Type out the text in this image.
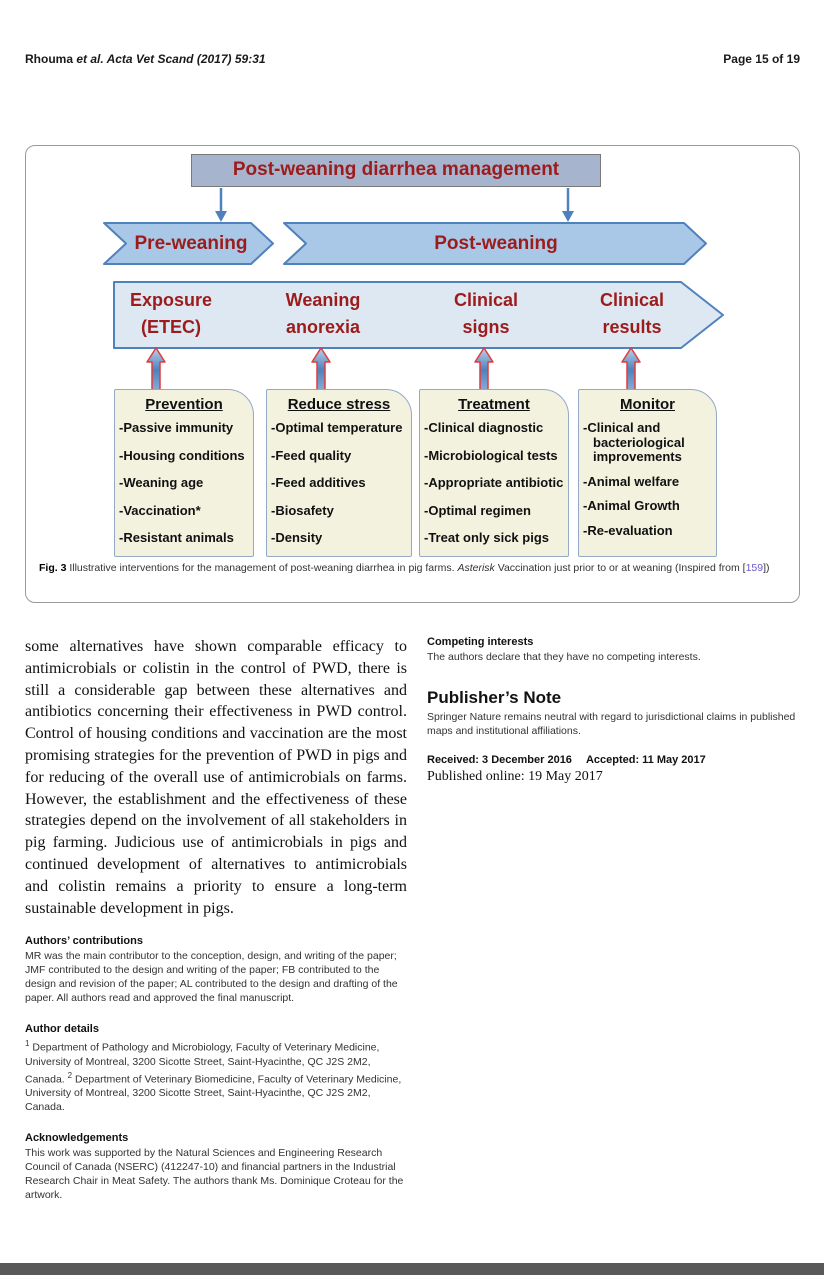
Rhouma et al. Acta Vet Scand (2017) 59:31	Page 15 of 19
Post-weaning diarrhea management
Pre-weaning	Post-weaning
Exposure
(ETEC)
Weaning
anorexia
Clinical
signs
Clinical
results
Prevention
-Passive immunity
-Housing conditions
-Weaning age
-Vaccination*
-Resistant animals
Reduce stress
-Optimal temperature
-Feed quality
-Feed additives
-Biosafety
-Density
Treatment
-Clinical diagnostic
-Microbiological tests
-Appropriate antibiotic
-Optimal regimen
-Treat only sick pigs
Monitor
-Clinical and bacteriological improvements
-Animal welfare
-Animal Growth
-Re-evaluation
Fig. 3 Illustrative interventions for the management of post-weaning diarrhea in pig farms. Asterisk Vaccination just prior to or at weaning (Inspired from [159])

some alternatives have shown comparable efficacy to antimicrobials or colistin in the control of PWD, there is still a considerable gap between these alternatives and antibiotics concerning their effectiveness in PWD control. Control of housing conditions and vaccination are the most promising strategies for the prevention of PWD in pigs and for reducing of the overall use of antimicrobials on farms. However, the establishment and the effectiveness of these strategies depend on the involvement of all stakeholders in pig farming. Judicious use of antimicrobials in pigs and continued development of alternatives to antimicrobials and colistin remains a priority to ensure a long-term sustainable development in pigs.

Authors’ contributions

MR was the main contributor to the conception, design, and writing of the paper; JMF contributed to the design and writing of the paper; FB contributed to the design and revision of the paper; AL contributed to the design and drafting of the paper. All authors read and approved the final manuscript.

Author details

$^1$ Department of Pathology and Microbiology, Faculty of Veterinary Medicine, University of Montreal, 3200 Sicotte Street, Saint-Hyacinthe, QC J2S 2M2, Canada. $^2$ Department of Veterinary Biomedicine, Faculty of Veterinary Medicine, University of Montreal, 3200 Sicotte Street, Saint-Hyacinthe, QC J2S 2M2, Canada.

Acknowledgements

This work was supported by the Natural Sciences and Engineering Research Council of Canada (NSERC) (412247-10) and financial partners in the Industrial Research Chair in Meat Safety. The authors thank Ms. Dominique Croteau for the artwork.

Competing interests

The authors declare that they have no competing interests.

Publisher’s Note

Springer Nature remains neutral with regard to jurisdictional claims in published maps and institutional affiliations.

Received: 3 December 2016 Accepted: 11 May 2017
Published online: 19 May 2017
